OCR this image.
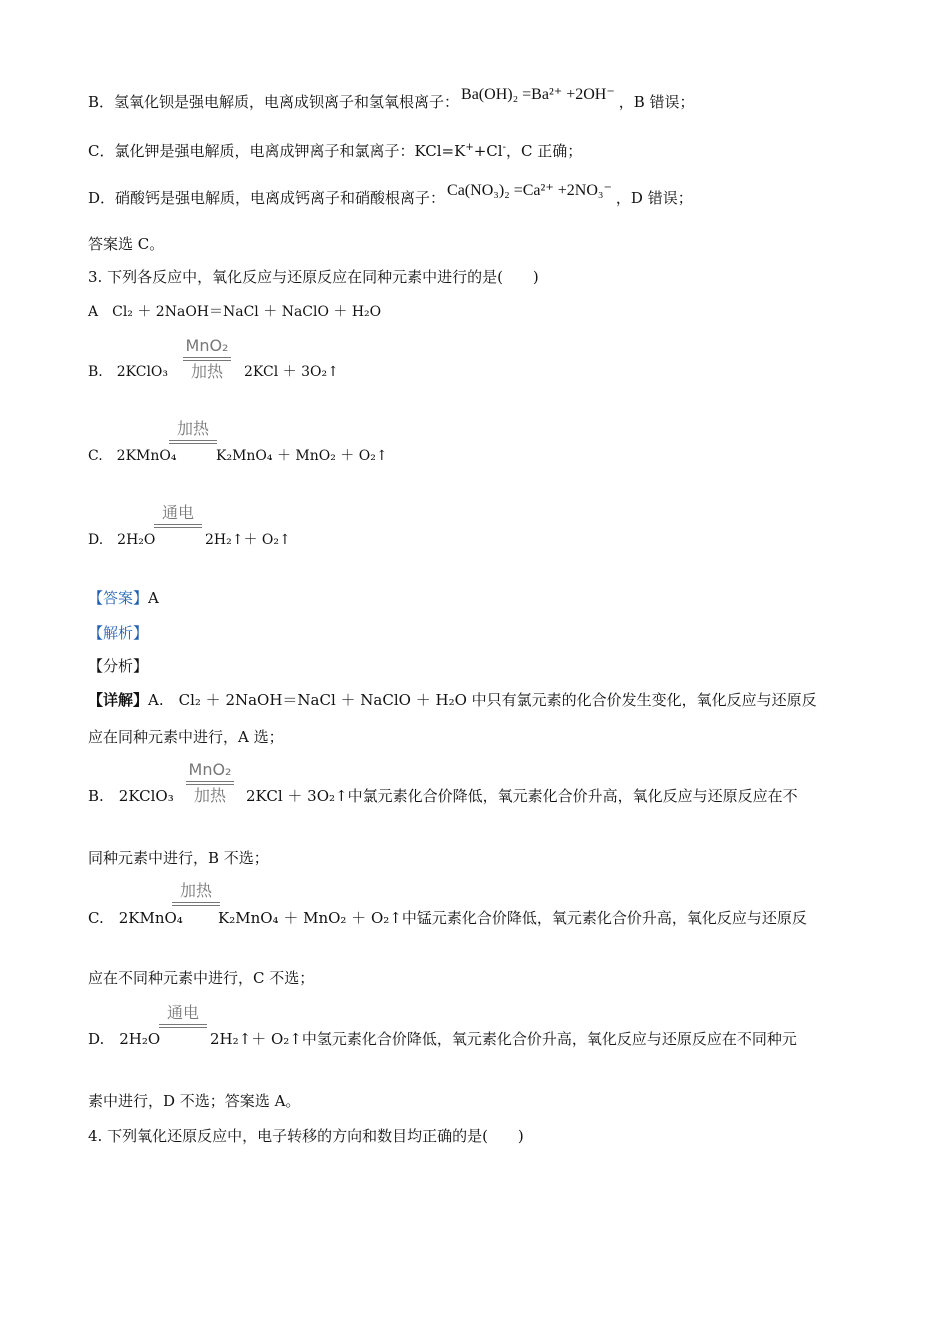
B．氢氧化钡是强电解质，电离成钡离子和氢氧根离子： Ba(OH)₂ =Ba²⁺ +2OH⁻ ，B 错误；
C．氯化钾是强电解质，电离成钾离子和氯离子：KCl=K++Cl-，C 正确；
D．硝酸钙是强电解质，电离成钙离子和硝酸根离子： Ca(NO₃)₂ =Ca²⁺ +2NO₃⁻ ，D 错误；
答案选 C。
3. 下列各反应中，氧化反应与还原反应在同种元素中进行的是(　　)
A　Cl₂ ＋ 2NaOH＝NaCl ＋ NaClO ＋ H₂O
B.　2KClO₃
MnO₂
加热	2KCl ＋ 3O₂↑
C.　2KMnO₄
加热
K₂MnO₄ ＋ MnO₂ ＋ O₂↑
D.　2H₂O
通电
2H₂↑＋ O₂↑
【答案】A
【解析】
【分析】
【详解】A.　Cl₂ ＋ 2NaOH＝NaCl ＋ NaClO ＋ H₂O 中只有氯元素的化合价发生变化，氧化反应与还原反
应在同种元素中进行，A 选；
B.　2KClO₃
MnO₂
加热	2KCl ＋ 3O₂↑中氯元素化合价降低，氧元素化合价升高，氧化反应与还原反应在不
同种元素中进行，B 不选；
C.　2KMnO₄
加热
K₂MnO₄ ＋ MnO₂ ＋ O₂↑中锰元素化合价降低，氧元素化合价升高，氧化反应与还原反
应在不同种元素中进行，C 不选；
D.　2H₂O
通电
2H₂↑＋ O₂↑中氢元素化合价降低，氧元素化合价升高，氧化反应与还原反应在不同种元
素中进行，D 不选；答案选 A。
4. 下列氧化还原反应中，电子转移的方向和数目均正确的是(　　)
